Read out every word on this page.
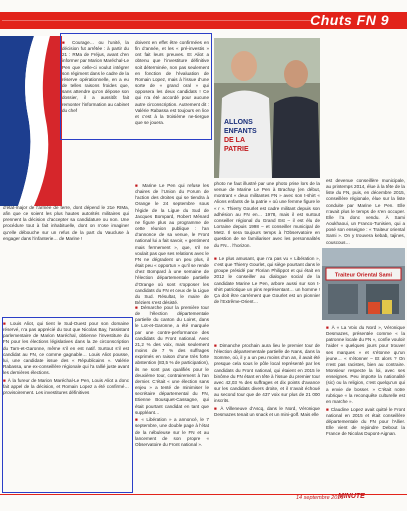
Chuts FN 9

■ Courage… ou l’unité, la décision fut arrêtée : à partir du 21 : RMa de Fréjus, avant d’en informer par Marion Maréchal-Le Pen que celle-ci voulut intégrer son régiment dans le cadre de la réserve opérationnelle, en a eu de telles raisons froides que, sans attendre qu’on dépose son dossier, il a aussitôt fait remonter l’information au cabinet du chef

d’état-major de l’armée de terre, dont dépend le 21e RIMa, afin que ce soient les plus hautes autorités militaires qui prennent la décision d’accepter sa candidature ou non. Une procédure tout à fait inhabituelle, dont on n’ose imaginer qu’elle débouche sur un refus de la part du Vaucluse à engager dans l’infanterie… de Marine !

■ Louis Aliot, qui tient le Sud-Ouest pour son domaine réservé, n’a pas apprécié du tout que Nicolas Bay, l’assistant parlementaire de Marion Maréchal, obtienne l’investiture du FN pour les élections législatives dans la 2e circonscription du Tarn-et-Garonne, même s’il en est natif. Surtout s’il est candidat au FN, ce comme gagnable… Louis Aliot pousse, lui, une candidate issue des « Républicains ». Valérie Rabassa, une ex-conseillère régionale qui l’a rallié juste avant les dernières élections.

■ À la fureur de Marion Maréchal-Le Pen, Louis Aliot a donc fait appel de la décision, et Romain Lopez a été confirmé… provisoirement. Les investitures définitives

doivent en effet être confirmées en fin d’année, et les « pré-investis » ont fait leurs preuves. Et Aliot a obtenu que l’investiture définitive soit déterminée, non pas seulement en fonction de l’évaluation de Romain Lopez, mais à l’issue d’une sorte de « grand oral » qui opposera les deux candidats ! Ce qui n’a été accordé pour aucune autre circonscription. Autrement dit : Valérie Rabassa est toujours en lice et c’est à la troisième ne-tiergue que se jouera.

■ Marine Le Pen qui refuse les chaires de l’Union du Forum de l’action des droites qui se tiendra à Orange le 24 septembre sous l’égide de la Ligue du Sud de Jacques Bompard, Robert Ménard ne figure plus au programme de cette réunion publique : l’an d’annonce de sa venue, le Front national lui a fait savoir, « gentiment mais fermement », que, s’il ne voulait pas que ses relations avec le FN ne dégradent un peu plus, il était peu « opportun » qu’il se rende chez Bompard à une semaine de l’élection départementale partielle d’Orange où sont s’opposer les candidats du FN et ceux de la Ligue du Sud. Résultat, le maire de Béziers s’est désisté.

■ Démarche pour la première tour de l’élection départementale partielle du canton du Loiret, dans le Lot-et-Garonne, a été marquée par une contre-performance des candidats du Front national. Avec 21,2 % des voix, mais seulement moins de 7 % des suffrages exprimés en raison d’une très forte abstention (83,5 % de participation), ils ne sont pas qualifiés pour le deuxième tour, contrairement à l’an dernier. C’était « une élection sans enjeu » a tenté de minimiser le secrétaire départemental du FN, Etienne Bousquet-Cassagne, qui était pourtant candidat en tant que suppléant…

■ « Libération » a annoncé, le 7 septembre, une double page à l’état de la nébuleuse sur le FN et au lancement de son propre « Observatoire du Front national ».

ALLONS
ENFANTS
DE LA
PATRIE

photo ne faut illustré par une photo prise lors de la venue de Marine Le Pen à Brachay (en début, montrant « deux militantes FN » avec son t-shirt « Alions enfants de la patrie » où une femme figure le « r ». Thierry Gourlet est cadre militant depuis son adhésion au FN en… 1978, mais il est surtout conseiller régional du Grand Est – il est élu de Lorraine depuis 1998 – et conseiller municipal de Metz. Il sera toujours temps à l’Observatoire en question de se familiariser avec les personnalités du FN… l’horizon.

■ Le plus amusant, que n’a pas vu « Libération », c’est que Thierry Gourlet, qui siège pourtant dans le groupe présidé par Florian Philippot et qui était en 2012 le conseiller au dialogue social de la candidate Marine Le Pen, arbore aussi sur son t-shirt patriotique un pins représentant… un homme ! Ça doit être carrément que Gourlet est un pionnier de l’Extrême-Orient…

■ Dimanche prochain aura lieu le premier tour de l’élection départementale partielle de Nans, dans la Somme, où, il y a un peu moins d’un an, il avait été presque cela sous le pôle local représenté par les candidats du Front national, qui étaient en 2015 le binôme du FN étant en tête à l’issue du premier tour avec 42,03 % des suffrages et dix points d’avance sur les candidats divers droite, et il n’avait échoué au second tour que de 437 voix sur plus de 21 000 inscrits.

■ À Villeneuve d’Ascq, dans le Nord, Véronique Desmazes tenait un snack et un mini-golf. Mais elle

est devenue conseillère municipale, au printemps 2014, élue à la tête de la liste du FN, puis, en décembre 2015, conseillère régionale, élue sur la liste conduite par Marine Le Pen. Elle n’avait plus le temps de s’en occuper. Elle l’a donc vendu. À Sami Aoukhaoui, un Franco-Tunisien, qui a posé son enseigne : « Traiteur oriental Sami ». On y trouvera kebab, tajines, couscous…

Traiteur Oriental Sami

■ À « La Voix du Nord », Véronique Desmazes, présentée comme « la patronne locale du FN », confie vouloir l’aider « quelques jours pour trouver ses marques » et s’étonne qu’un jeune… « s’étonner – Et alors ? On n’est pas racistes, bien au contraire. Monsieur respecte la loi, avec ses enseignes. Peu importe la nationalité (sic) ou la religion, c’est quelqu’un qui a envie de bosser. » C’était notre rubrique « la reconquête culturelle est en marche ».

■ Claudine Lopez avait quitté le Front national en 2015 et était conseillère départementale du FN pour l’Allier. Elle vient de rejoindre Debout la France de Nicolas Dupont-Aignan.

14 septembre 2016
MINUTE
